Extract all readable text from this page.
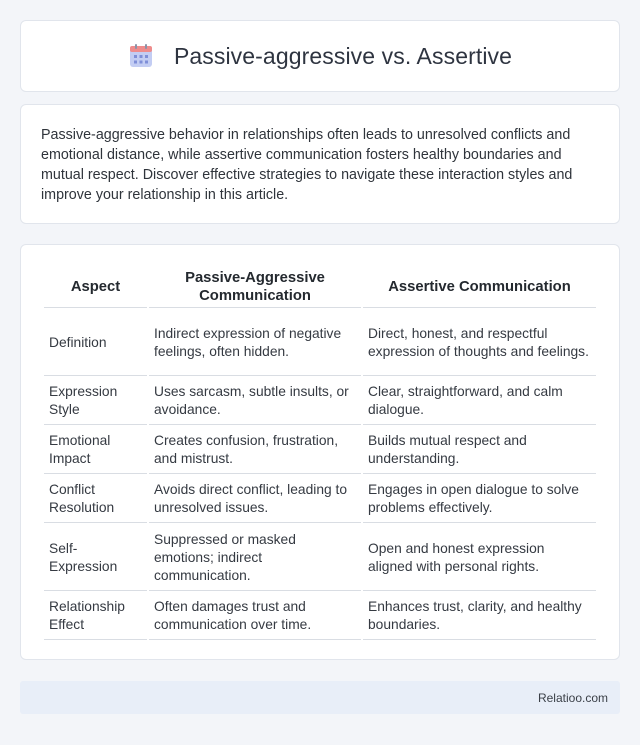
Passive-aggressive vs. Assertive

Passive-aggressive behavior in relationships often leads to unresolved conflicts and emotional distance, while assertive communication fosters healthy boundaries and mutual respect. Discover effective strategies to navigate these interaction styles and improve your relationship in this article.

Aspect	Passive-Aggressive Communication	Assertive Communication
Definition	Indirect expression of negative feelings, often hidden.	Direct, honest, and respectful expression of thoughts and feelings.
Expression Style	Uses sarcasm, subtle insults, or avoidance.	Clear, straightforward, and calm dialogue.
Emotional Impact	Creates confusion, frustration, and mistrust.	Builds mutual respect and understanding.
Conflict Resolution	Avoids direct conflict, leading to unresolved issues.	Engages in open dialogue to solve problems effectively.
Self-Expression	Suppressed or masked emotions; indirect communication.	Open and honest expression aligned with personal rights.
Relationship Effect	Often damages trust and communication over time.	Enhances trust, clarity, and healthy boundaries.
Relatioo.com
